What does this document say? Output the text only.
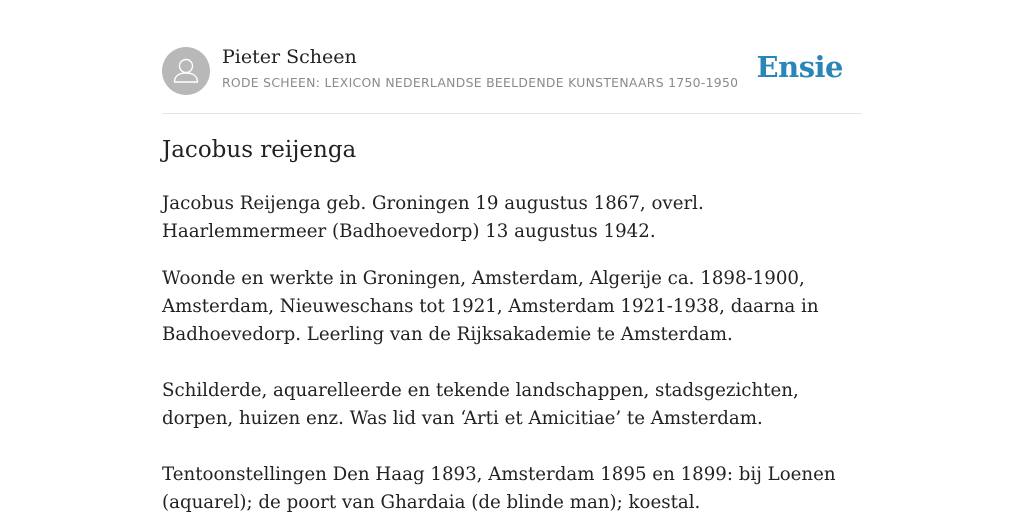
Pieter Scheen
RODE SCHEEN: LEXICON NEDERLANDSE BEELDENDE KUNSTENAARS 1750-1950 Ensie
Jacobus reijenga

Jacobus Reijenga geb. Groningen 19 augustus 1867, overl. Haarlemmermeer (Badhoevedorp) 13 augustus 1942.

Woonde en werkte in Groningen, Amsterdam, Algerije ca. 1898-1900, Amsterdam, Nieuweschans tot 1921, Amsterdam 1921-1938, daarna in Badhoevedorp. Leerling van de Rijksakademie te Amsterdam.

Schilderde, aquarelleerde en tekende landschappen, stadsgezichten, dorpen, huizen enz. Was lid van ‘Arti et Amicitiae’ te Amsterdam.

Tentoonstellingen Den Haag 1893, Amsterdam 1895 en 1899: bij Loenen (aquarel); de poort van Ghardaia (de blinde man); koestal.
